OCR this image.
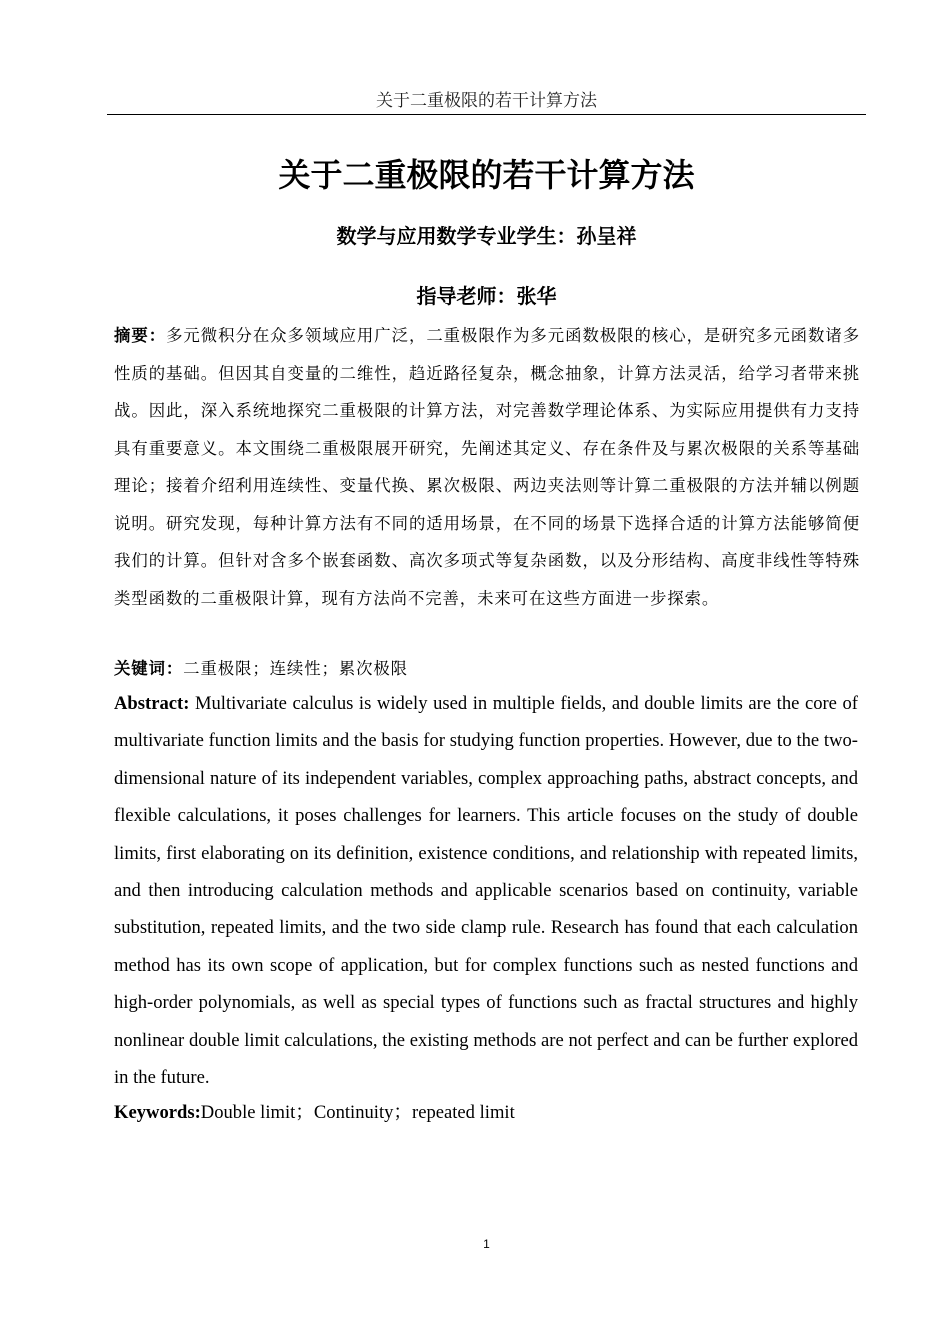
关于二重极限的若干计算方法
关于二重极限的若干计算方法
数学与应用数学专业学生：孙呈祥
指导老师：张华

摘要：多元微积分在众多领域应用广泛，二重极限作为多元函数极限的核心，是研究多元函数诸多性质的基础。但因其自变量的二维性，趋近路径复杂，概念抽象，计算方法灵活，给学习者带来挑战。因此，深入系统地探究二重极限的计算方法，对完善数学理论体系、为实际应用提供有力支持具有重要意义。本文围绕二重极限展开研究，先阐述其定义、存在条件及与累次极限的关系等基础理论；接着介绍利用连续性、变量代换、累次极限、两边夹法则等计算二重极限的方法并辅以例题说明。研究发现，每种计算方法有不同的适用场景，在不同的场景下选择合适的计算方法能够简便我们的计算。但针对含多个嵌套函数、高次多项式等复杂函数，以及分形结构、高度非线性等特殊类型函数的二重极限计算，现有方法尚不完善，未来可在这些方面进一步探索。

关键词：二重极限；连续性；累次极限

Abstract: Multivariate calculus is widely used in multiple fields, and double limits are the core of multivariate function limits and the basis for studying function properties. However, due to the two-dimensional nature of its independent variables, complex approaching paths, abstract concepts, and flexible calculations, it poses challenges for learners. This article focuses on the study of double limits, first elaborating on its definition, existence conditions, and relationship with repeated limits, and then introducing calculation methods and applicable scenarios based on continuity, variable substitution, repeated limits, and the two side clamp rule. Research has found that each calculation method has its own scope of application, but for complex functions such as nested functions and high-order polynomials, as well as special types of functions such as fractal structures and highly nonlinear double limit calculations, the existing methods are not perfect and can be further explored in the future.

Keywords:Double limit；Continuity；repeated limit

1
